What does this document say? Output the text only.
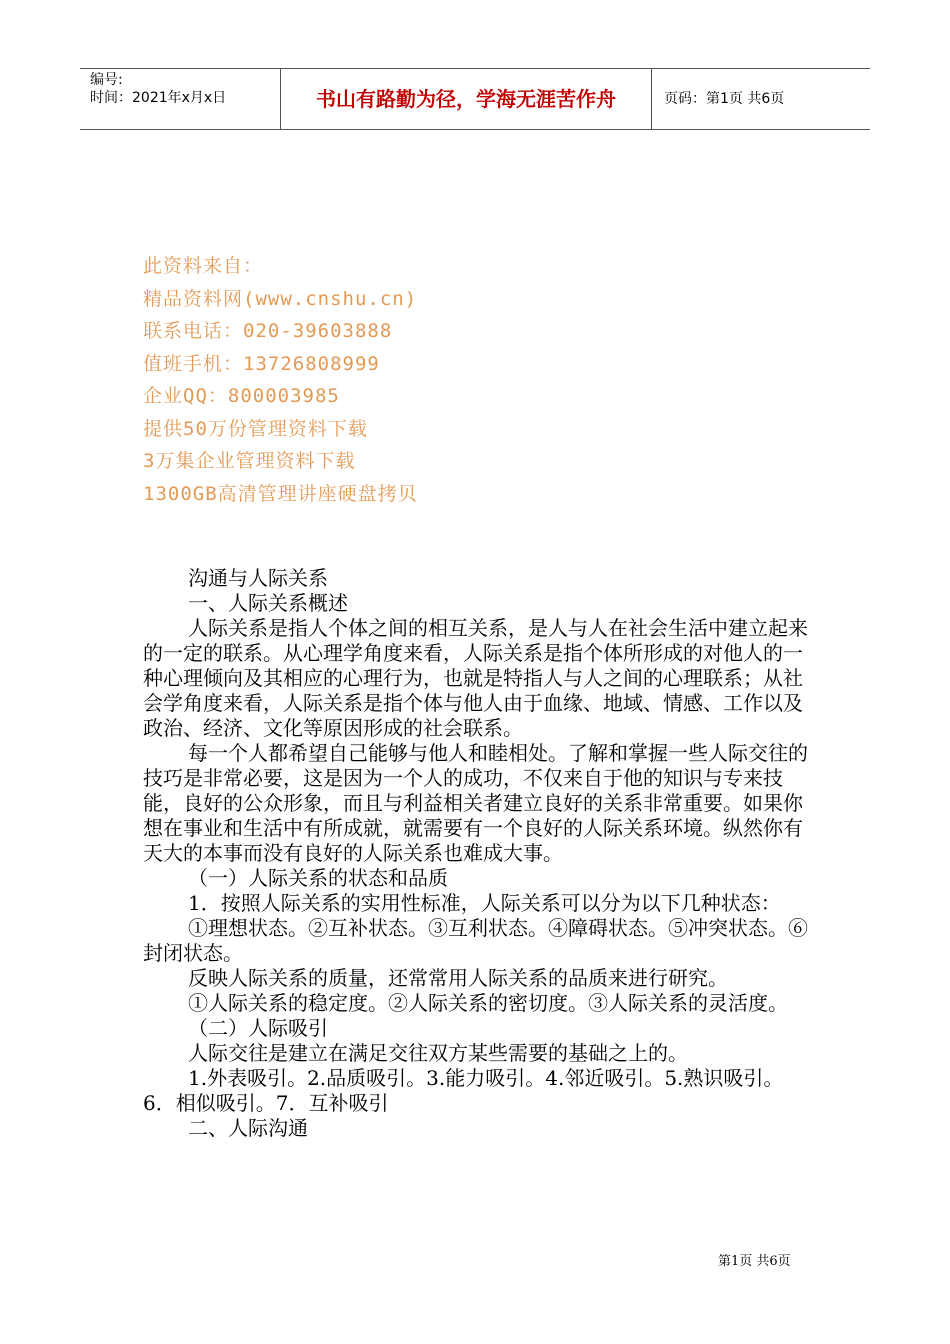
编号:
时间：2021年x月x日	书山有路勤为径，学海无涯苦作舟	页码：第1页 共6页
此资料来自：
精品资料网(www.cnshu.cn)
联系电话：020-39603888
值班手机：13726808999
企业QQ：800003985
提供50万份管理资料下载
3万集企业管理资料下载
1300GB高清管理讲座硬盘拷贝

沟通与人际关系

一、人际关系概述

人际关系是指人个体之间的相互关系，是人与人在社会生活中建立起来的一定的联系。从心理学角度来看，人际关系是指个体所形成的对他人的一种心理倾向及其相应的心理行为，也就是特指人与人之间的心理联系；从社会学角度来看，人际关系是指个体与他人由于血缘、地域、情感、工作以及政治、经济、文化等原因形成的社会联系。

每一个人都希望自己能够与他人和睦相处。了解和掌握一些人际交往的技巧是非常必要，这是因为一个人的成功，不仅来自于他的知识与专来技能，良好的公众形象，而且与利益相关者建立良好的关系非常重要。如果你想在事业和生活中有所成就，就需要有一个良好的人际关系环境。纵然你有天大的本事而没有良好的人际关系也难成大事。

（一）人际关系的状态和品质

1．按照人际关系的实用性标准，人际关系可以分为以下几种状态：

①理想状态。②互补状态。③互利状态。④障碍状态。⑤冲突状态。⑥封闭状态。

反映人际关系的质量，还常常用人际关系的品质来进行研究。

①人际关系的稳定度。②人际关系的密切度。③人际关系的灵活度。

（二）人际吸引

人际交往是建立在满足交往双方某些需要的基础之上的。

1.外表吸引。2.品质吸引。3.能力吸引。4.邻近吸引。5.熟识吸引。6．相似吸引。7．互补吸引

二、人际沟通

第1页 共6页
